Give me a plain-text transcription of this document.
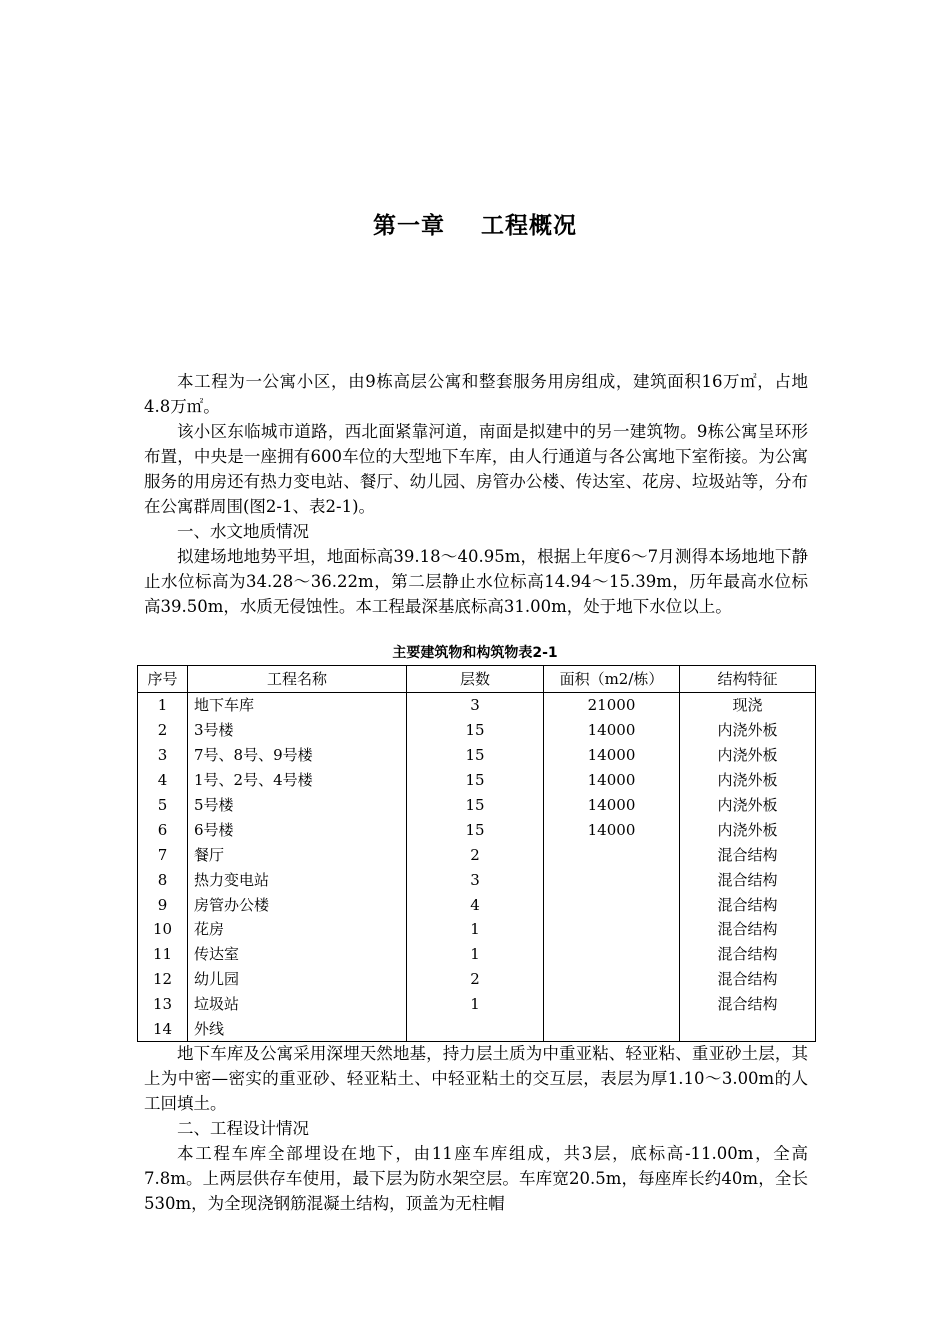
第一章    工程概况

本工程为一公寓小区，由9栋高层公寓和整套服务用房组成，建筑面积16万㎡，占地4.8万㎡。

该小区东临城市道路，西北面紧靠河道，南面是拟建中的另一建筑物。9栋公寓呈环形布置，中央是一座拥有600车位的大型地下车库，由人行通道与各公寓地下室衔接。为公寓服务的用房还有热力变电站、餐厅、幼儿园、房管办公楼、传达室、花房、垃圾站等，分布在公寓群周围(图2-1、表2-1)。

一、水文地质情况

拟建场地地势平坦，地面标高39.18～40.95m，根据上年度6～7月测得本场地地下静止水位标高为34.28～36.22m，第二层静止水位标高14.94～15.39m，历年最高水位标高39.50m，水质无侵蚀性。本工程最深基底标高31.00m，处于地下水位以上。

主要建筑物和构筑物表2-1
序号	工程名称	层数	面积（m2/栋）	结构特征
1	地下车库	3	21000	现浇
2	3号楼	15	14000	内浇外板
3	7号、8号、9号楼	15	14000	内浇外板
4	1号、2号、4号楼	15	14000	内浇外板
5	5号楼	15	14000	内浇外板
6	6号楼	15	14000	内浇外板
7	餐厅	2		混合结构
8	热力变电站	3		混合结构
9	房管办公楼	4		混合结构
10	花房	1		混合结构
11	传达室	1		混合结构
12	幼儿园	2		混合结构
13	垃圾站	1		混合结构
14	外线			

地下车库及公寓采用深埋天然地基，持力层土质为中重亚粘、轻亚粘、重亚砂土层，其上为中密—密实的重亚砂、轻亚粘土、中轻亚粘土的交互层，表层为厚1.10～3.00m的人工回填土。

二、工程设计情况

本工程车库全部埋设在地下，由11座车库组成，共3层，底标高-11.00m，全高7.8m。上两层供存车使用，最下层为防水架空层。车库宽20.5m，每座库长约40m，全长530m，为全现浇钢筋混凝土结构，顶盖为无柱帽
